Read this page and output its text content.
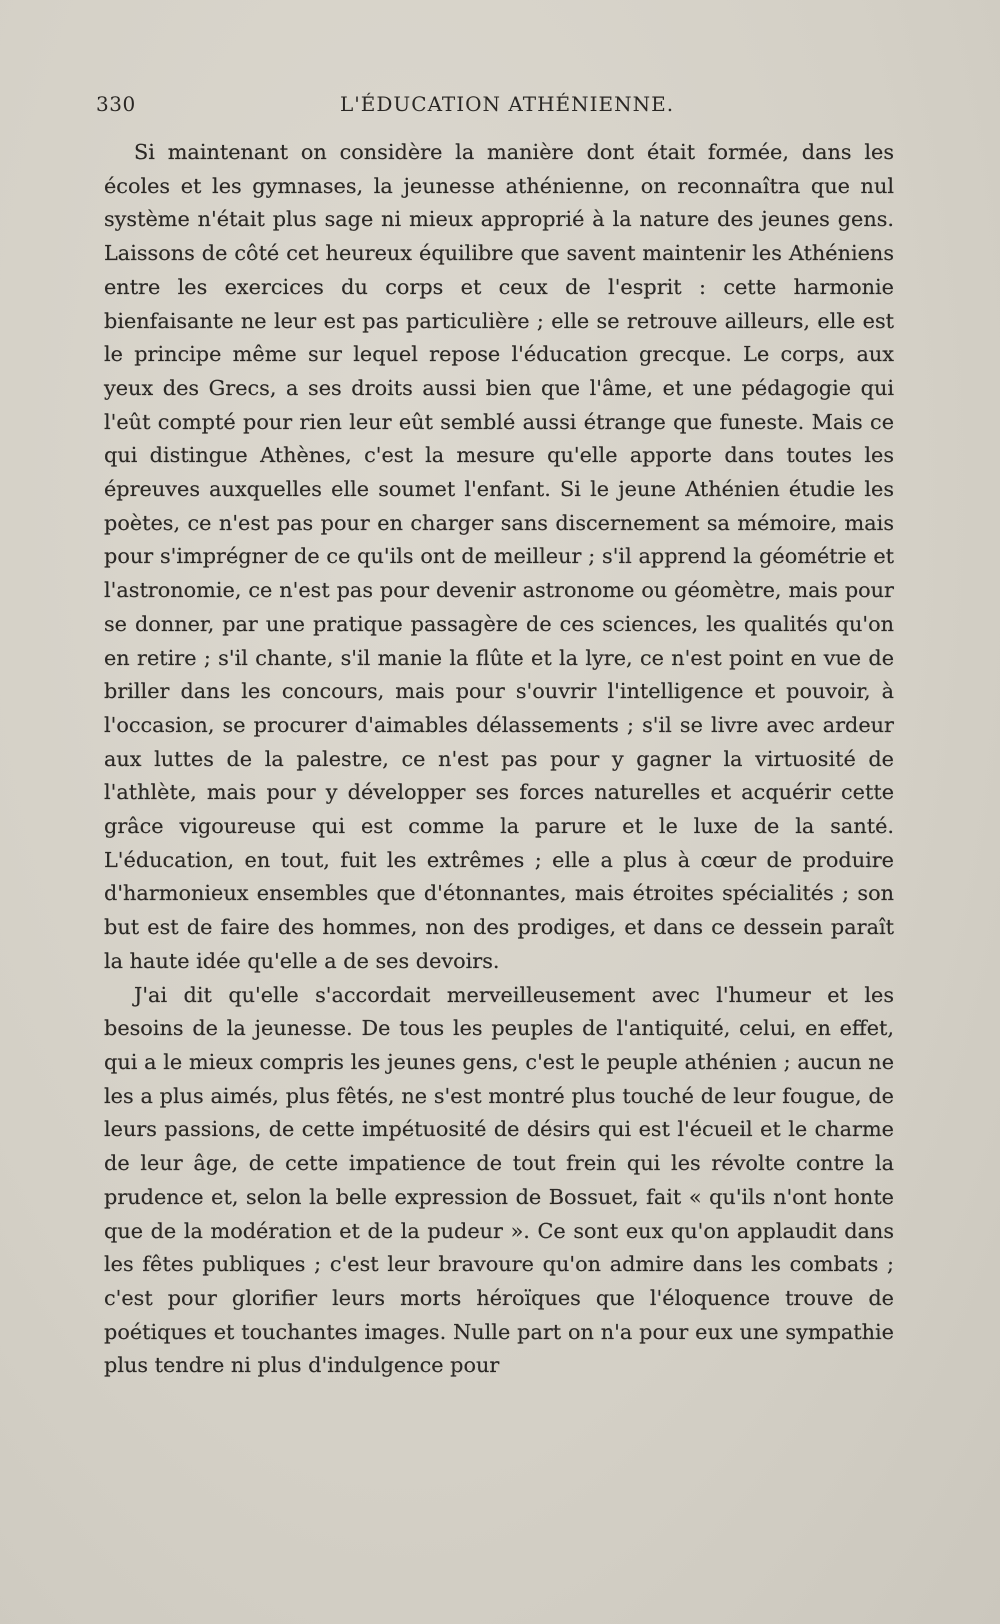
330	L'ÉDUCATION ATHÉNIENNE.

Si maintenant on considère la manière dont était formée, dans les écoles et les gymnases, la jeunesse athénienne, on reconnaîtra que nul système n'était plus sage ni mieux approprié à la nature des jeunes gens. Laissons de côté cet heureux équilibre que savent maintenir les Athéniens entre les exercices du corps et ceux de l'esprit : cette harmonie bienfaisante ne leur est pas particulière ; elle se retrouve ailleurs, elle est le principe même sur lequel repose l'éducation grecque. Le corps, aux yeux des Grecs, a ses droits aussi bien que l'âme, et une pédagogie qui l'eût compté pour rien leur eût semblé aussi étrange que funeste. Mais ce qui distingue Athènes, c'est la mesure qu'elle apporte dans toutes les épreuves auxquelles elle soumet l'enfant. Si le jeune Athénien étudie les poètes, ce n'est pas pour en charger sans discernement sa mémoire, mais pour s'imprégner de ce qu'ils ont de meilleur ; s'il apprend la géométrie et l'astronomie, ce n'est pas pour devenir astronome ou géomètre, mais pour se donner, par une pratique passagère de ces sciences, les qualités qu'on en retire ; s'il chante, s'il manie la flûte et la lyre, ce n'est point en vue de briller dans les concours, mais pour s'ouvrir l'intelligence et pouvoir, à l'occasion, se procurer d'aimables délassements ; s'il se livre avec ardeur aux luttes de la palestre, ce n'est pas pour y gagner la virtuosité de l'athlète, mais pour y développer ses forces naturelles et acquérir cette grâce vigoureuse qui est comme la parure et le luxe de la santé. L'éducation, en tout, fuit les extrêmes ; elle a plus à cœur de produire d'harmonieux ensembles que d'étonnantes, mais étroites spécialités ; son but est de faire des hommes, non des prodiges, et dans ce dessein paraît la haute idée qu'elle a de ses devoirs.

J'ai dit qu'elle s'accordait merveilleusement avec l'humeur et les besoins de la jeunesse. De tous les peuples de l'antiquité, celui, en effet, qui a le mieux compris les jeunes gens, c'est le peuple athénien ; aucun ne les a plus aimés, plus fêtés, ne s'est montré plus touché de leur fougue, de leurs passions, de cette impétuosité de désirs qui est l'écueil et le charme de leur âge, de cette impatience de tout frein qui les révolte contre la prudence et, selon la belle expression de Bossuet, fait « qu'ils n'ont honte que de la modération et de la pudeur ». Ce sont eux qu'on applaudit dans les fêtes publiques ; c'est leur bravoure qu'on admire dans les combats ; c'est pour glorifier leurs morts héroïques que l'éloquence trouve de poétiques et touchantes images. Nulle part on n'a pour eux une sympathie plus tendre ni plus d'indulgence pour
